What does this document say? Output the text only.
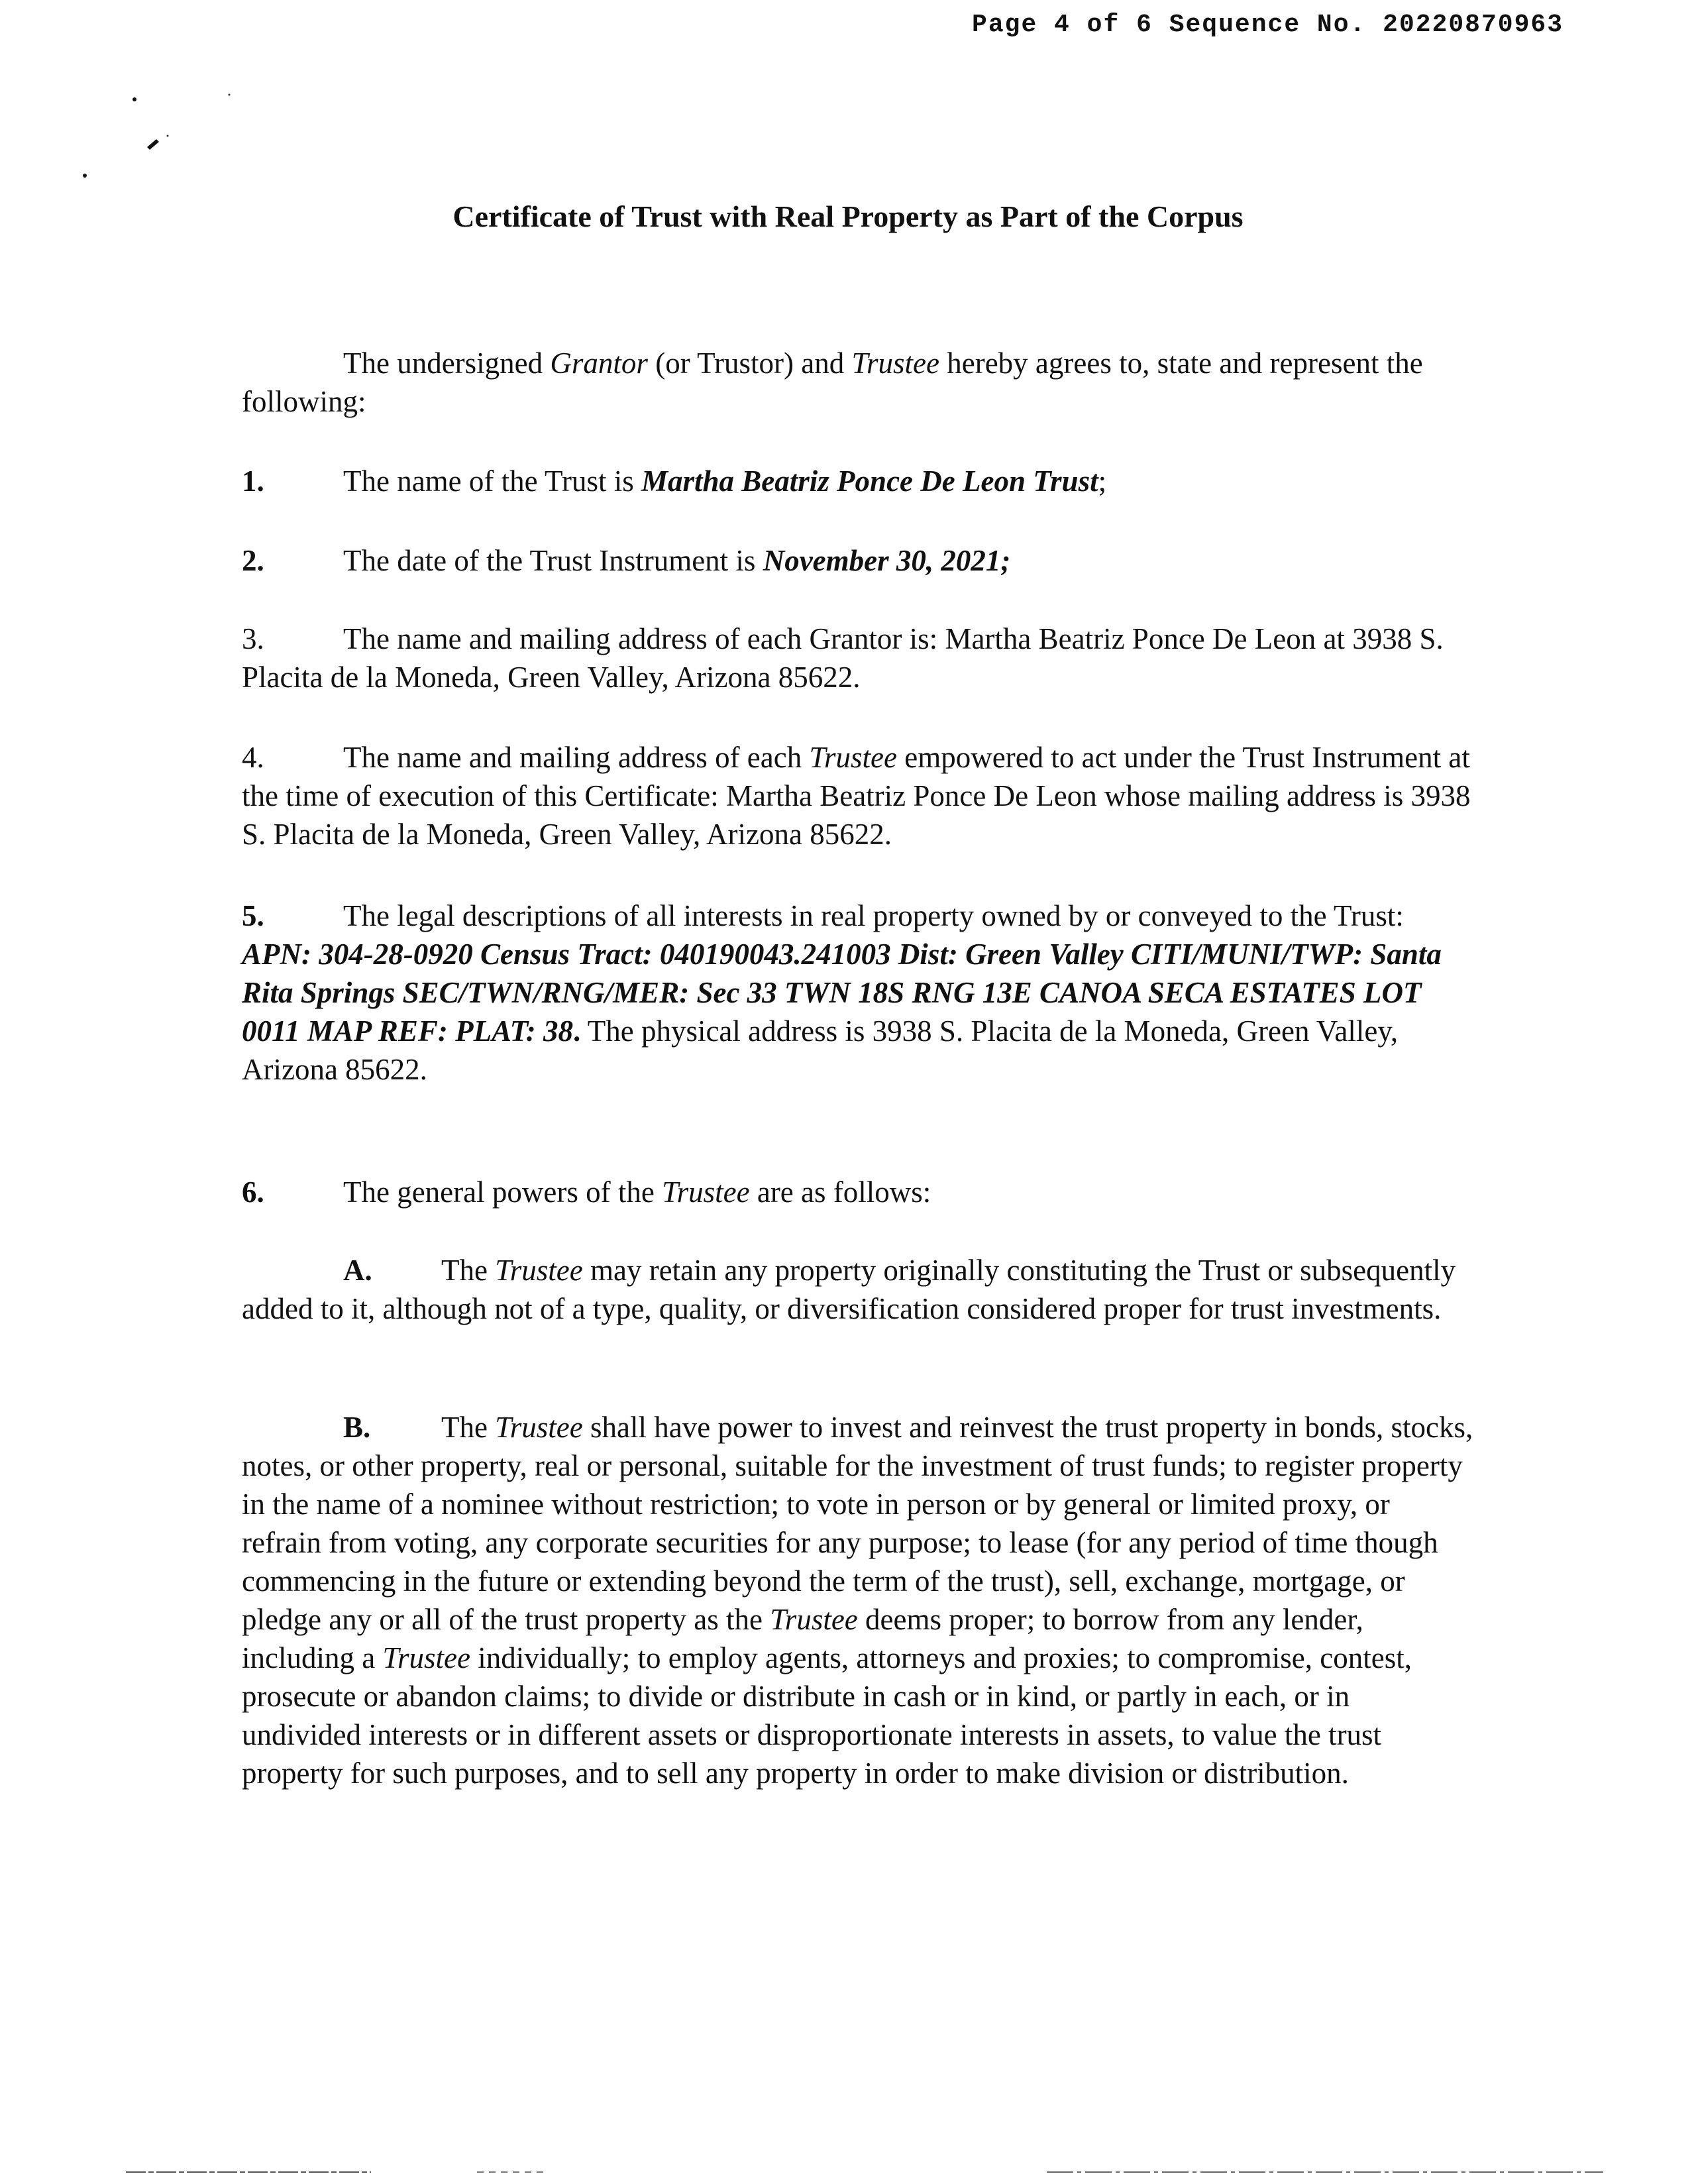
Page 4 of 6 Sequence No. 20220870963
Certificate of Trust with Real Property as Part of the Corpus
The undersigned Grantor (or Trustor) and Trustee hereby agrees to, state and represent the following:
1.	The name of the Trust is Martha Beatriz Ponce De Leon Trust;
2.	The date of the Trust Instrument is November 30, 2021;
3.	The name and mailing address of each Grantor is: Martha Beatriz Ponce De Leon at 3938 S. Placita de la Moneda, Green Valley, Arizona 85622.
4.	The name and mailing address of each Trustee empowered to act under the Trust Instrument at the time of execution of this Certificate: Martha Beatriz Ponce De Leon whose mailing address is 3938 S. Placita de la Moneda, Green Valley, Arizona 85622.
5.	The legal descriptions of all interests in real property owned by or conveyed to the Trust: APN: 304-28-0920 Census Tract: 040190043.241003 Dist: Green Valley CITI/MUNI/TWP: Santa Rita Springs SEC/TWN/RNG/MER: Sec 33 TWN 18S RNG 13E CANOA SECA ESTATES LOT 0011 MAP REF: PLAT: 38. The physical address is 3938 S. Placita de la Moneda, Green Valley, Arizona 85622.
6.	The general powers of the Trustee are as follows:
A. The Trustee may retain any property originally constituting the Trust or subsequently added to it, although not of a type, quality, or diversification considered proper for trust investments.
B. The Trustee shall have power to invest and reinvest the trust property in bonds, stocks, notes, or other property, real or personal, suitable for the investment of trust funds; to register property in the name of a nominee without restriction; to vote in person or by general or limited proxy, or refrain from voting, any corporate securities for any purpose; to lease (for any period of time though commencing in the future or extending beyond the term of the trust), sell, exchange, mortgage, or pledge any or all of the trust property as the Trustee deems proper; to borrow from any lender, including a Trustee individually; to employ agents, attorneys and proxies; to compromise, contest, prosecute or abandon claims; to divide or distribute in cash or in kind, or partly in each, or in undivided interests or in different assets or disproportionate interests in assets, to value the trust property for such purposes, and to sell any property in order to make division or distribution.
